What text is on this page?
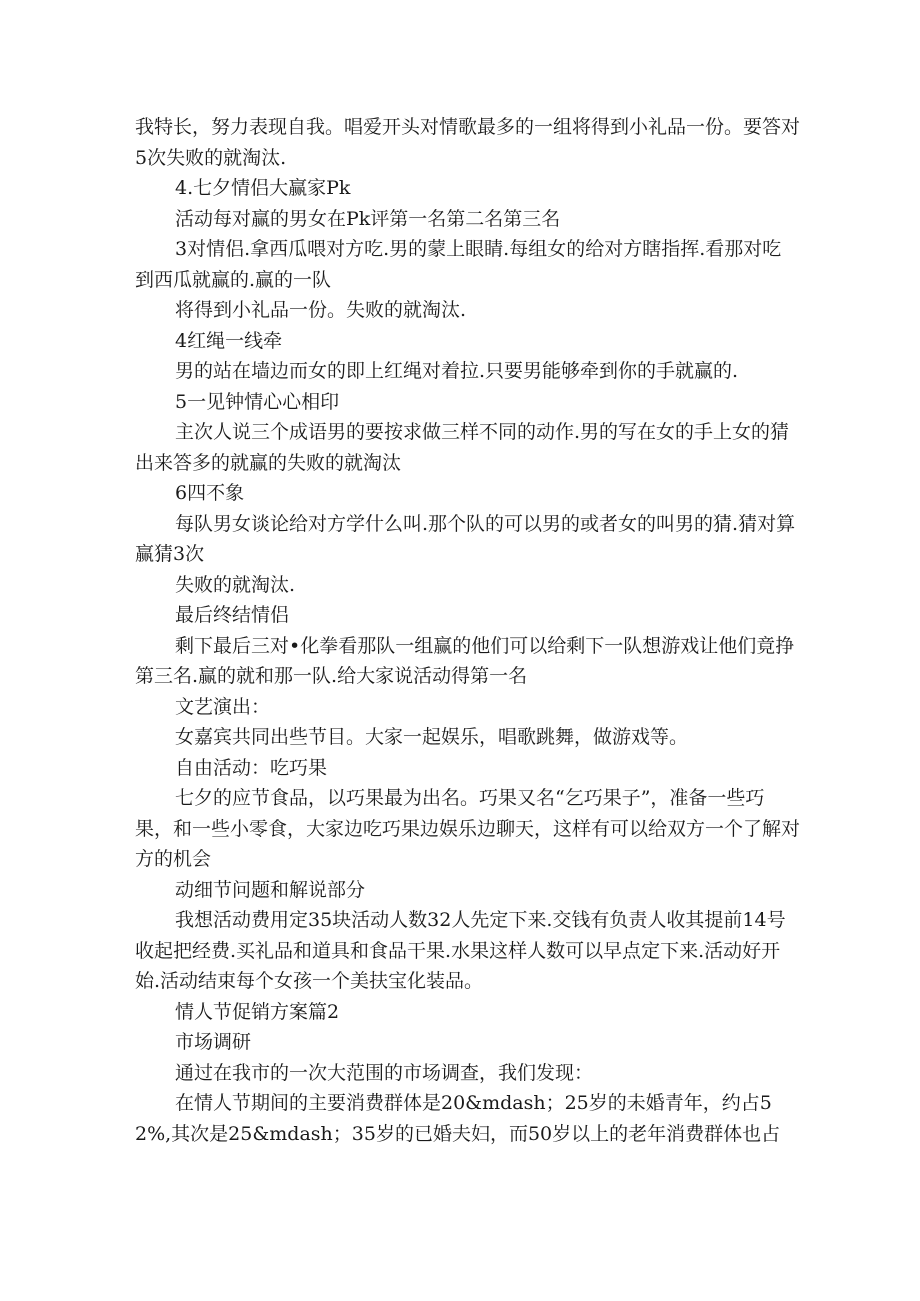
我特长，努力表现自我。唱爱开头对情歌最多的一组将得到小礼品一份。要答对5次失败的就淘汰.

4.七夕情侣大赢家Pk

活动每对赢的男女在Pk评第一名第二名第三名

3对情侣.拿西瓜喂对方吃.男的蒙上眼睛.每组女的给对方瞎指挥.看那对吃到西瓜就赢的.赢的一队

将得到小礼品一份。失败的就淘汰.

4红绳一线牵

男的站在墙边而女的即上红绳对着拉.只要男能够牵到你的手就赢的.

5一见钟情心心相印

主次人说三个成语男的要按求做三样不同的动作.男的写在女的手上女的猜出来答多的就赢的失败的就淘汰

6四不象

每队男女谈论给对方学什么叫.那个队的可以男的或者女的叫男的猜.猜对算赢猜3次

失败的就淘汰.

最后终结情侣

剩下最后三对•化拳看那队一组赢的他们可以给剩下一队想游戏让他们竟挣第三名.赢的就和那一队.给大家说活动得第一名

文艺演出：

女嘉宾共同出些节目。大家一起娱乐，唱歌跳舞，做游戏等。

自由活动：吃巧果

七夕的应节食品，以巧果最为出名。巧果又名“乞巧果子”，准备一些巧果，和一些小零食，大家边吃巧果边娱乐边聊天，这样有可以给双方一个了解对方的机会

动细节问题和解说部分

我想活动费用定35块活动人数32人先定下来.交钱有负责人收其提前14号收起把经费.买礼品和道具和食品干果.水果这样人数可以早点定下来.活动好开始.活动结束每个女孩一个美扶宝化装品。

情人节促销方案篇2

市场调研

通过在我市的一次大范围的市场调查，我们发现：

在情人节期间的主要消费群体是20&mdash；25岁的未婚青年，约占52%,其次是25&mdash；35岁的已婚夫妇，而50岁以上的老年消费群体也占
